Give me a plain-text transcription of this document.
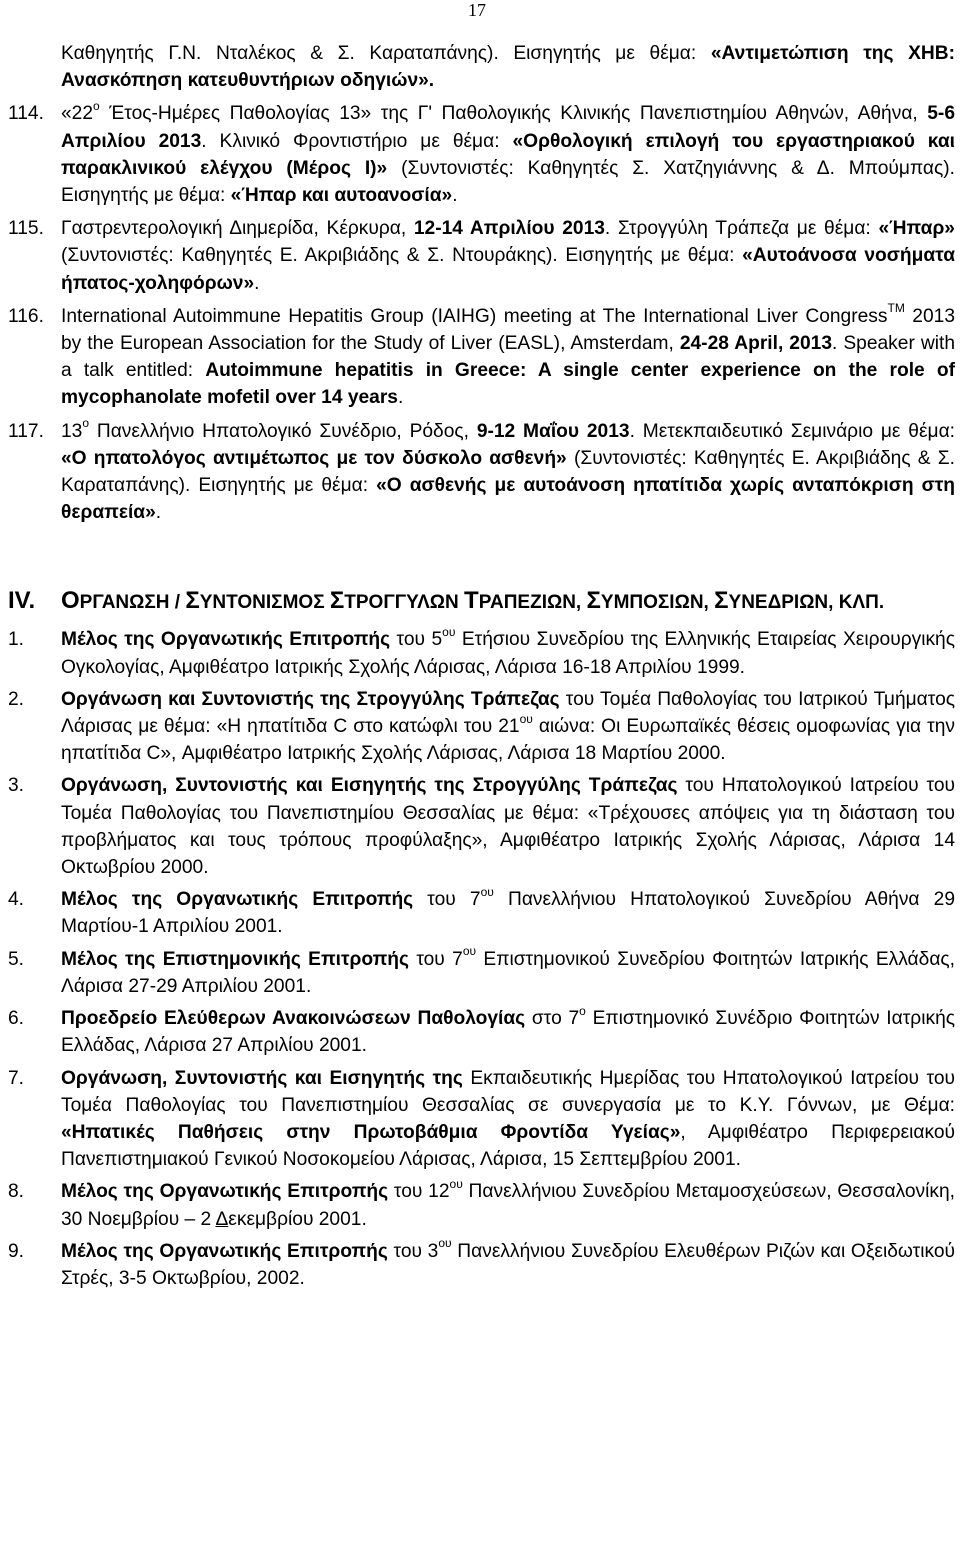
17
Καθηγητής Γ.Ν. Νταλέκος & Σ. Καραταπάνης). Εισηγητής με θέμα: «Αντιμετώπιση της ΧΗΒ: Ανασκόπηση κατευθυντήριων οδηγιών».
114. «$22^o$ Έτος-Ημέρες Παθολογίας 13» της Γ' Παθολογικής Κλινικής Πανεπιστημίου Αθηνών, Αθήνα, 5-6 Απριλίου 2013. Κλινικό Φροντιστήριο με θέμα: «Ορθολογική επιλογή του εργαστηριακού και παρακλινικού ελέγχου (Μέρος Ι)» (Συντονιστές: Καθηγητές Σ. Χατζηγιάννης & Δ. Μπούμπας). Εισηγητής με θέμα: «Ήπαρ και αυτοανοσία».
115. Γαστρεντερολογική Διημερίδα, Κέρκυρα, 12-14 Απριλίου 2013. Στρογγύλη Τράπεζα με θέμα: «Ήπαρ» (Συντονιστές: Καθηγητές Ε. Ακριβιάδης & Σ. Ντουράκης). Εισηγητής με θέμα: «Αυτοάνοσα νοσήματα ήπατος-χοληφόρων».
116. International Autoimmune Hepatitis Group (IAIHG) meeting at The International Liver Congress™ 2013 by the European Association for the Study of Liver (EASL), Amsterdam, 24-28 April, 2013. Speaker with a talk entitled: Autoimmune hepatitis in Greece: A single center experience on the role of mycophanolate mofetil over 14 years.
117. $13^o$ Πανελλήνιο Ηπατολογικό Συνέδριο, Ρόδος, 9-12 Μαΐου 2013. Μετεκπαιδευτικό Σεμινάριο με θέμα: «Ο ηπατολόγος αντιμέτωπος με τον δύσκολο ασθενή» (Συντονιστές: Καθηγητές Ε. Ακριβιάδης & Σ. Καραταπάνης). Εισηγητής με θέμα: «Ο ασθενής με αυτοάνοση ηπατίτιδα χωρίς ανταπόκριση στη θεραπεία».
IV. ΟΡΓΑΝΩΣΗ / ΣΥΝΤΟΝΙΣΜΟΣ ΣΤΡΟΓΓΥΛΩΝ ΤΡΑΠΕΖΙΩΝ, ΣΥΜΠΟΣΙΩΝ, ΣΥΝΕΔΡΙΩΝ, ΚΛΠ.
1. Μέλος της Οργανωτικής Επιτροπής του $5^{o\upsilon}$ Ετήσιου Συνεδρίου της Ελληνικής Εταιρείας Χειρουργικής Ογκολογίας, Αμφιθέατρο Ιατρικής Σχολής Λάρισας, Λάρισα 16-18 Απριλίου 1999.
2. Οργάνωση και Συντονιστής της Στρογγύλης Τράπεζας του Τομέα Παθολογίας του Ιατρικού Τμήματος Λάρισας με θέμα: «Η ηπατίτιδα C στο κατώφλι του $21^{o\upsilon}$ αιώνα: Οι Ευρωπαϊκές θέσεις ομοφωνίας για την ηπατίτιδα C», Αμφιθέατρο Ιατρικής Σχολής Λάρισας, Λάρισα 18 Μαρτίου 2000.
3. Οργάνωση, Συντονιστής και Εισηγητής της Στρογγύλης Τράπεζας του Ηπατολογικού Ιατρείου του Τομέα Παθολογίας του Πανεπιστημίου Θεσσαλίας με θέμα: «Τρέχουσες απόψεις για τη διάσταση του προβλήματος και τους τρόπους προφύλαξης», Αμφιθέατρο Ιατρικής Σχολής Λάρισας, Λάρισα 14 Οκτωβρίου 2000.
4. Μέλος της Οργανωτικής Επιτροπής του $7^{o\upsilon}$ Πανελλήνιου Ηπατολογικού Συνεδρίου Αθήνα 29 Μαρτίου-1 Απριλίου 2001.
5. Μέλος της Επιστημονικής Επιτροπής του $7^{o\upsilon}$ Επιστημονικού Συνεδρίου Φοιτητών Ιατρικής Ελλάδας, Λάρισα 27-29 Απριλίου 2001.
6. Προεδρείο Ελεύθερων Ανακοινώσεων Παθολογίας στο $7^o$ Επιστημονικό Συνέδριο Φοιτητών Ιατρικής Ελλάδας, Λάρισα 27 Απριλίου 2001.
7. Οργάνωση, Συντονιστής και Εισηγητής της Εκπαιδευτικής Ημερίδας του Ηπατολογικού Ιατρείου του Τομέα Παθολογίας του Πανεπιστημίου Θεσσαλίας σε συνεργασία με το Κ.Υ. Γόννων, με Θέμα: «Ηπατικές Παθήσεις στην Πρωτοβάθμια Φροντίδα Υγείας», Αμφιθέατρο Περιφερειακού Πανεπιστημιακού Γενικού Νοσοκομείου Λάρισας, Λάρισα, 15 Σεπτεμβρίου 2001.
8. Μέλος της Οργανωτικής Επιτροπής του $12^{o\upsilon}$ Πανελλήνιου Συνεδρίου Μεταμοσχεύσεων, Θεσσαλονίκη, 30 Νοεμβρίου – 2 Δεκεμβρίου 2001.
9. Μέλος της Οργανωτικής Επιτροπής του $3^{o\upsilon}$ Πανελλήνιου Συνεδρίου Ελευθέρων Ριζών και Οξειδωτικού Στρές, 3-5 Οκτωβρίου, 2002.
